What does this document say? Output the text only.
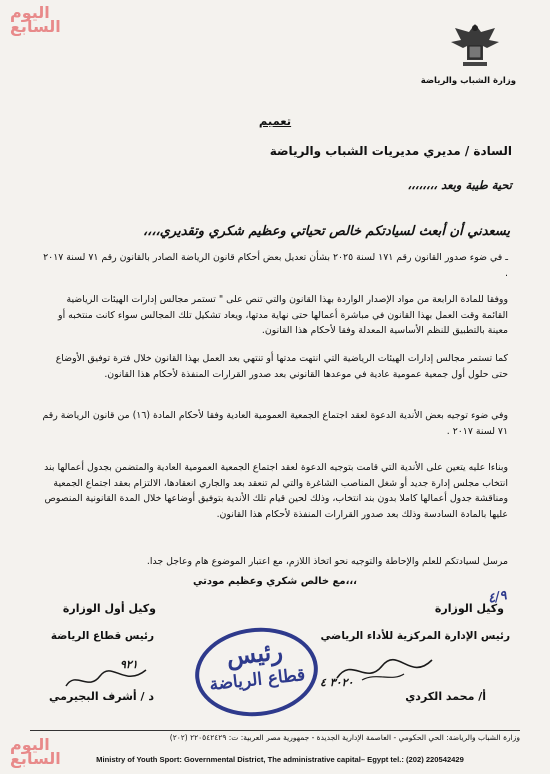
اليوم
السابع
وزارة الشباب والرياضة
تعميم
السادة / مديري مديريات الشباب والرياضة
تحية طيبة وبعد ،،،،،،،،
يسعدني أن أبعث لسيادتكم خالص تحياتي وعظيم شكري وتقديري،،،،
ـ في ضوء صدور القانون رقم ١٧١ لسنة ٢٠٢٥ بشأن تعديل بعض أحكام قانون الرياضة الصادر بالقانون رقم ٧١ لسنة ٢٠١٧ .
ووفقا للمادة الرابعة من مواد الإصدار الواردة بهذا القانون والتي تنص على " تستمر مجالس إدارات الهيئات الرياضية القائمة وقت العمل بهذا القانون في مباشرة أعمالها حتى نهاية مدتها، ويعاد تشكيل تلك المجالس سواء كانت منتخبه أو معينة بالتطبيق للنظم الأساسية المعدلة وفقا لأحكام هذا القانون.
كما تستمر مجالس إدارات الهيئات الرياضية التي انتهت مدتها أو تنتهي بعد العمل بهذا القانون خلال فترة توفيق الأوضاع حتى حلول أول جمعية عمومية عادية في موعدها القانوني بعد صدور القرارات المنفذة لأحكام هذا القانون.
وفي ضوء توجيه بعض الأندية الدعوة لعقد اجتماع الجمعية العمومية العادية وفقا لأحكام المادة (١٦) من قانون الرياضة رقم ٧١ لسنة ٢٠١٧ .
وبناءا عليه يتعين على الأندية التي قامت بتوجيه الدعوة لعقد اجتماع الجمعية العمومية العادية والمتضمن بجدول أعمالها بند انتخاب مجلس إدارة جديد أو شغل المناصب الشاغرة والتي لم تنعقد بعد والجاري انعقادها، الالتزام بعقد اجتماع الجمعية ومناقشة جدول أعمالها كاملا بدون بند انتخاب، وذلك لحين قيام تلك الأندية بتوفيق أوضاعها خلال المدة القانونية المنصوص عليها بالمادة السادسة وذلك بعد صدور القرارات المنفذة لأحكام هذا القانون.
مرسل لسيادتكم للعلم والإحاطة والتوجيه نحو اتخاذ اللازم، مع اعتبار الموضوع هام وعاجل جدا.
مع خالص شكري وعظيم مودتي،،،
٤/٩
وكيل الوزارة
رئيس الإدارة المركزية للأداء الرياضي
٣٠٢٠ ٤
أ/ محمد الكردي
وكيل أول الوزارة
رئيس قطاع الرياضة
٩٢١
د / أشرف البجيرمي
رئيس
قطاع الرياضة
وزارة الشباب والرياضة: الحي الحكومي - العاصمة الإدارية الجديدة - جمهورية مصر العربية: ت: ٢٢٠٥٤٢٤٢٩ (٢٠٢)
Ministry of Youth Sport: Governmental District, The administrative capital– Egypt tel.: (202) 220542429
اليوم
السابع
